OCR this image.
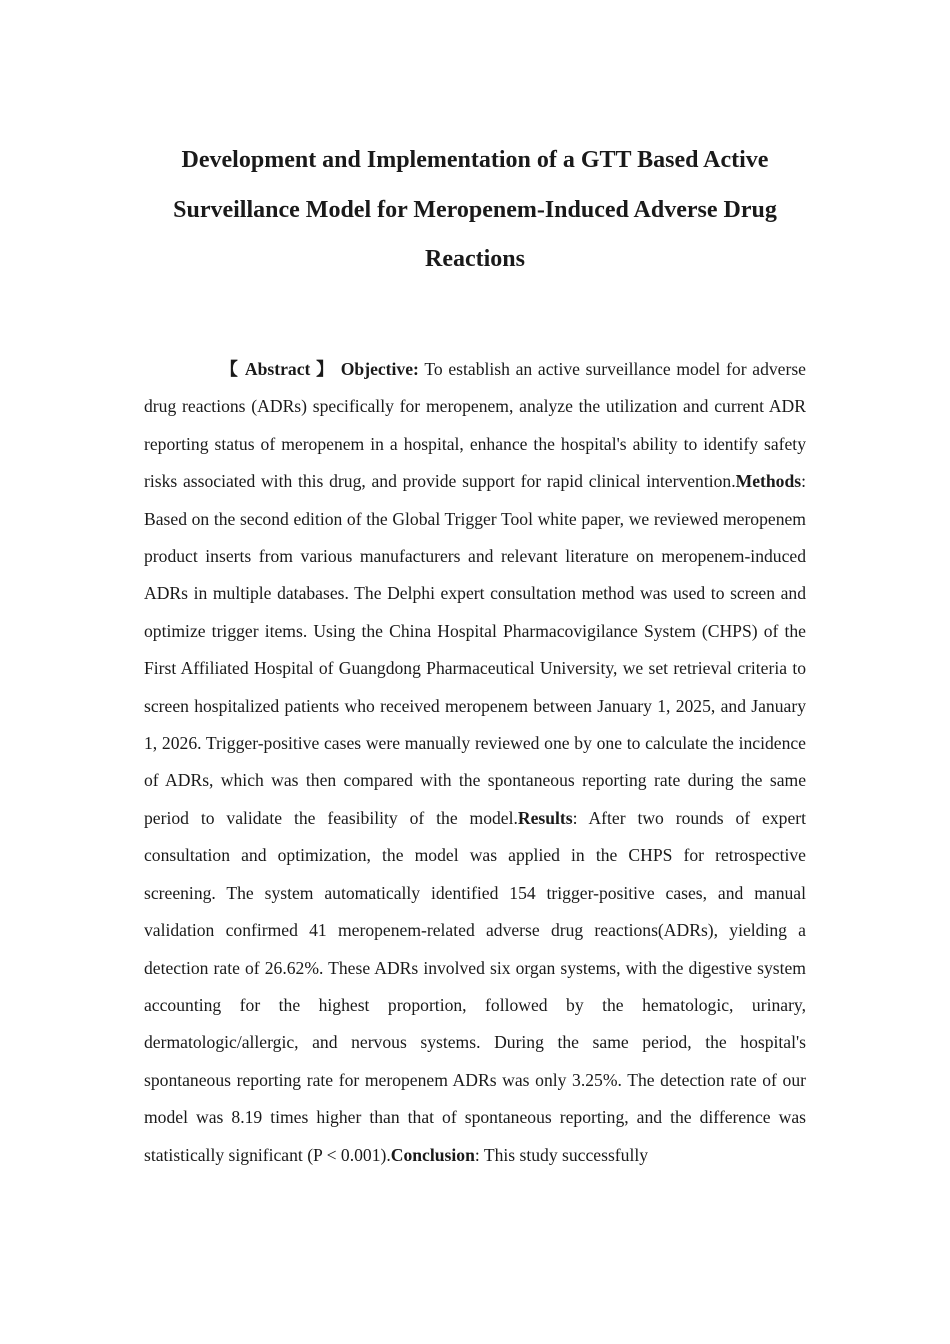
Development and Implementation of a GTT Based Active
Surveillance Model for Meropenem-Induced Adverse Drug
Reactions

【 Abstract 】 Objective: To establish an active surveillance model for adverse drug reactions (ADRs) specifically for meropenem, analyze the utilization and current ADR reporting status of meropenem in a hospital, enhance the hospital's ability to identify safety risks associated with this drug, and provide support for rapid clinical intervention.Methods: Based on the second edition of the Global Trigger Tool white paper, we reviewed meropenem product inserts from various manufacturers and relevant literature on meropenem-induced ADRs in multiple databases. The Delphi expert consultation method was used to screen and optimize trigger items. Using the China Hospital Pharmacovigilance System (CHPS) of the First Affiliated Hospital of Guangdong Pharmaceutical University, we set retrieval criteria to screen hospitalized patients who received meropenem between January 1, 2025, and January 1, 2026. Trigger-positive cases were manually reviewed one by one to calculate the incidence of ADRs, which was then compared with the spontaneous reporting rate during the same period to validate the feasibility of the model.Results: After two rounds of expert consultation and optimization, the model was applied in the CHPS for retrospective screening. The system automatically identified 154 trigger-positive cases, and manual validation confirmed 41 meropenem-related adverse drug reactions(ADRs), yielding a detection rate of 26.62%. These ADRs involved six organ systems, with the digestive system accounting for the highest proportion, followed by the hematologic, urinary, dermatologic/allergic, and nervous systems. During the same period, the hospital's spontaneous reporting rate for meropenem ADRs was only 3.25%. The detection rate of our model was 8.19 times higher than that of spontaneous reporting, and the difference was statistically significant (P < 0.001).Conclusion: This study successfully
